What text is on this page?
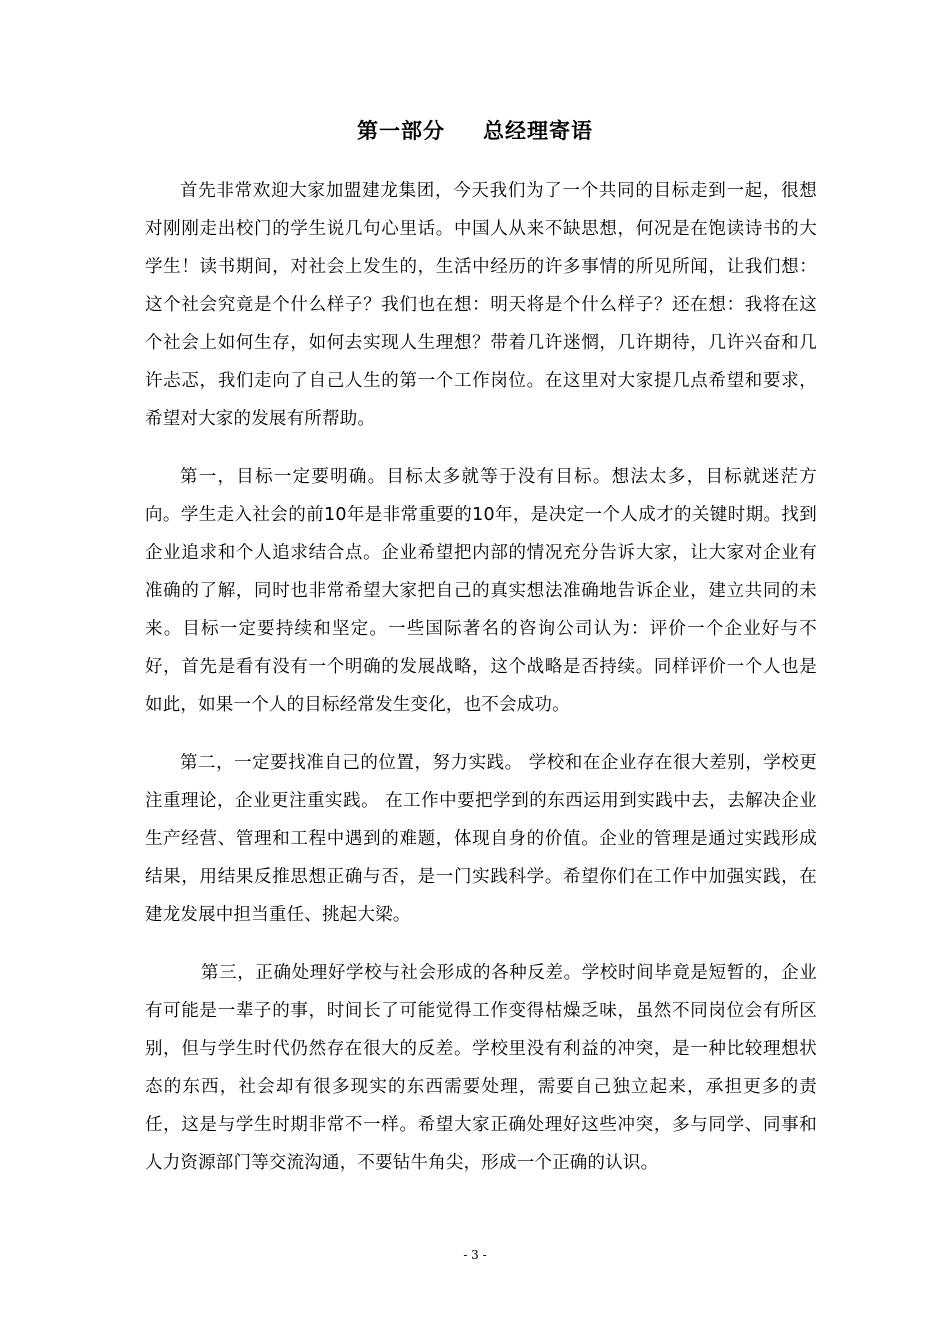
第一部分 总经理寄语
首先非常欢迎大家加盟建龙集团，今天我们为了一个共同的目标走到一起，很想对刚刚走出校门的学生说几句心里话。中国人从来不缺思想，何况是在饱读诗书的大学生！读书期间，对社会上发生的，生活中经历的许多事情的所见所闻，让我们想：这个社会究竟是个什么样子？我们也在想：明天将是个什么样子？还在想：我将在这个社会上如何生存，如何去实现人生理想？带着几许迷惘，几许期待，几许兴奋和几许忐忑，我们走向了自己人生的第一个工作岗位。在这里对大家提几点希望和要求，希望对大家的发展有所帮助。
第一，目标一定要明确。目标太多就等于没有目标。想法太多，目标就迷茫方向。学生走入社会的前10年是非常重要的10年，是决定一个人成才的关键时期。找到企业追求和个人追求结合点。企业希望把内部的情况充分告诉大家，让大家对企业有准确的了解，同时也非常希望大家把自己的真实想法准确地告诉企业，建立共同的未来。目标一定要持续和坚定。一些国际著名的咨询公司认为：评价一个企业好与不好，首先是看有没有一个明确的发展战略，这个战略是否持续。同样评价一个人也是如此，如果一个人的目标经常发生变化，也不会成功。
第二，一定要找准自己的位置，努力实践。 学校和在企业存在很大差别，学校更注重理论，企业更注重实践。 在工作中要把学到的东西运用到实践中去，去解决企业生产经营、管理和工程中遇到的难题，体现自身的价值。企业的管理是通过实践形成结果，用结果反推思想正确与否，是一门实践科学。希望你们在工作中加强实践，在建龙发展中担当重任、挑起大梁。
第三，正确处理好学校与社会形成的各种反差。学校时间毕竟是短暂的，企业有可能是一辈子的事，时间长了可能觉得工作变得枯燥乏味，虽然不同岗位会有所区别，但与学生时代仍然存在很大的反差。学校里没有利益的冲突，是一种比较理想状态的东西，社会却有很多现实的东西需要处理，需要自己独立起来，承担更多的责任，这是与学生时期非常不一样。希望大家正确处理好这些冲突，多与同学、同事和人力资源部门等交流沟通，不要钻牛角尖，形成一个正确的认识。
- 3 -
